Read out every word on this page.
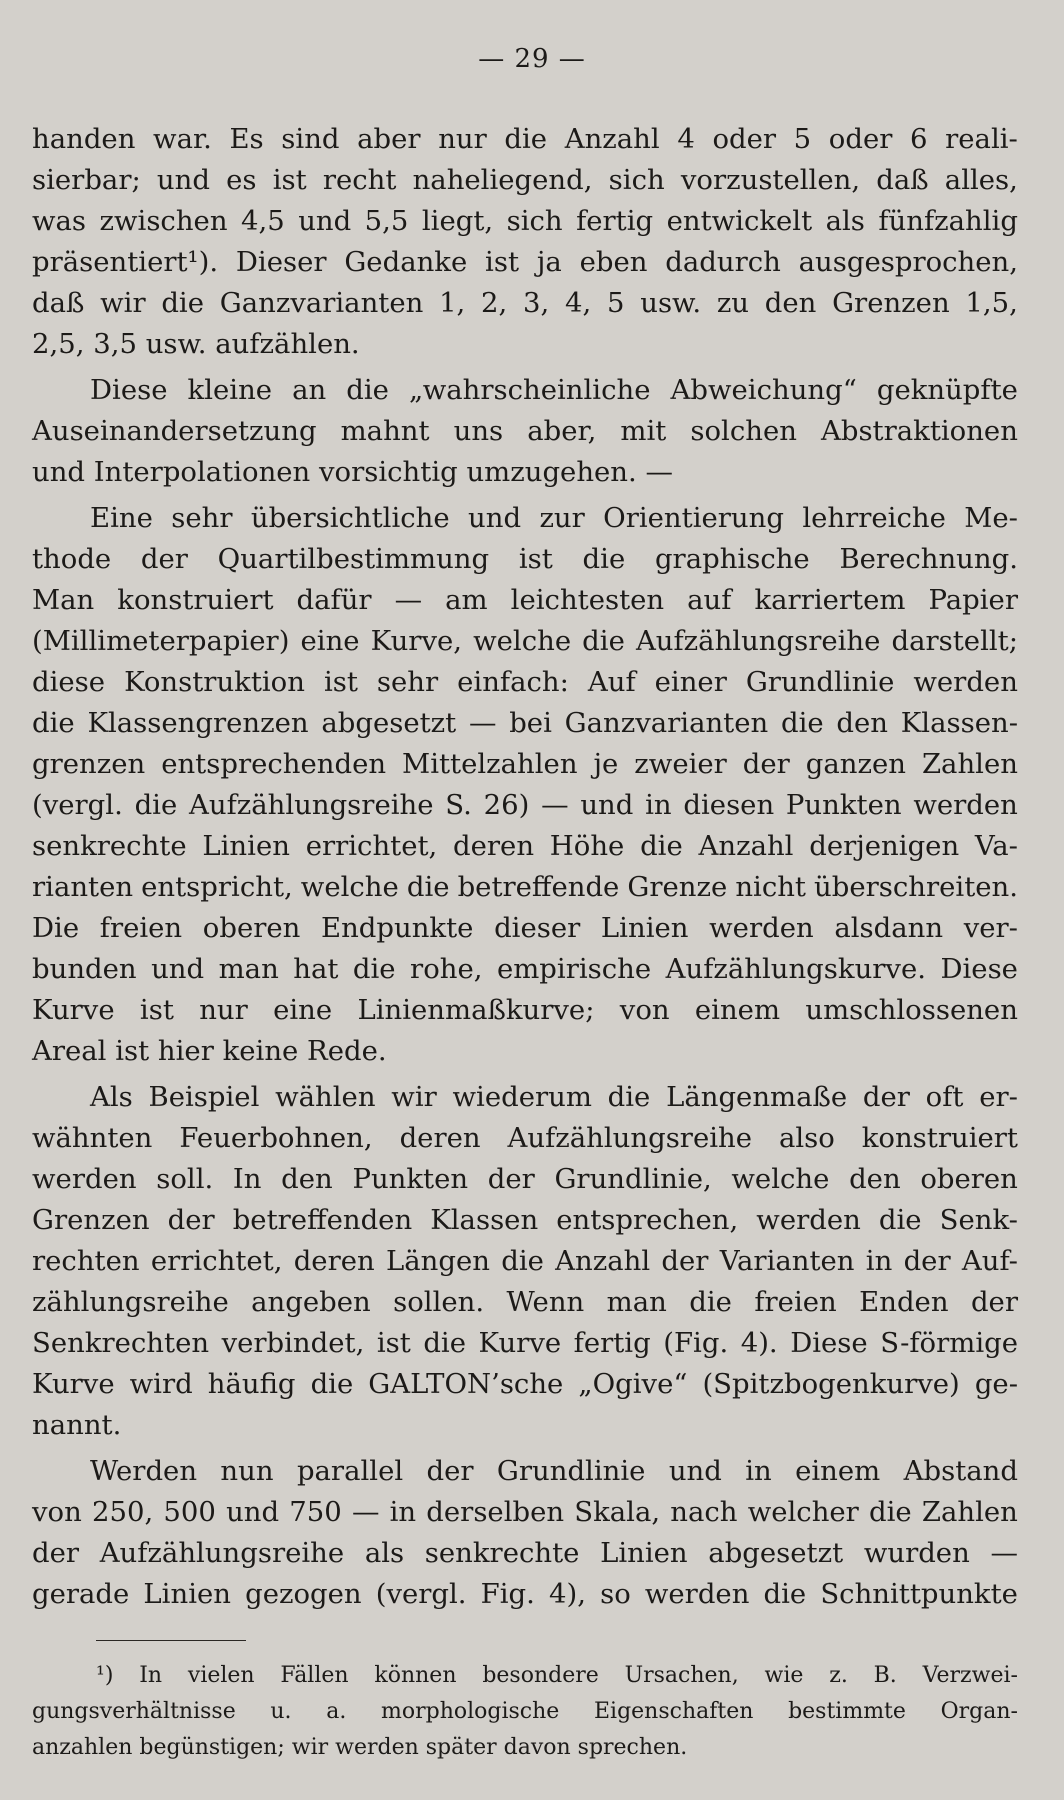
— 29 —
handen war. Es sind aber nur die Anzahl 4 oder 5 oder 6 reali-
sierbar; und es ist recht naheliegend, sich vorzustellen, daß alles,
was zwischen 4,5 und 5,5 liegt, sich fertig entwickelt als fünfzahlig
präsentiert¹). Dieser Gedanke ist ja eben dadurch ausgesprochen,
daß wir die Ganzvarianten 1, 2, 3, 4, 5 usw. zu den Grenzen 1,5,
2,5, 3,5 usw. aufzählen.
Diese kleine an die „wahrscheinliche Abweichung“ geknüpfte
Auseinandersetzung mahnt uns aber, mit solchen Abstraktionen
und Interpolationen vorsichtig umzugehen. —
Eine sehr übersichtliche und zur Orientierung lehrreiche Me-
thode der Quartilbestimmung ist die graphische Berechnung.
Man konstruiert dafür — am leichtesten auf karriertem Papier
(Millimeterpapier) eine Kurve, welche die Aufzählungsreihe darstellt;
diese Konstruktion ist sehr einfach: Auf einer Grundlinie werden
die Klassengrenzen abgesetzt — bei Ganzvarianten die den Klassen-
grenzen entsprechenden Mittelzahlen je zweier der ganzen Zahlen
(vergl. die Aufzählungsreihe S. 26) — und in diesen Punkten werden
senkrechte Linien errichtet, deren Höhe die Anzahl derjenigen Va-
rianten entspricht, welche die betreffende Grenze nicht überschreiten.
Die freien oberen Endpunkte dieser Linien werden alsdann ver-
bunden und man hat die rohe, empirische Aufzählungskurve. Diese
Kurve ist nur eine Linienmaßkurve; von einem umschlossenen
Areal ist hier keine Rede.
Als Beispiel wählen wir wiederum die Längenmaße der oft er-
wähnten Feuerbohnen, deren Aufzählungsreihe also konstruiert
werden soll. In den Punkten der Grundlinie, welche den oberen
Grenzen der betreffenden Klassen entsprechen, werden die Senk-
rechten errichtet, deren Längen die Anzahl der Varianten in der Auf-
zählungsreihe angeben sollen. Wenn man die freien Enden der
Senkrechten verbindet, ist die Kurve fertig (Fig. 4). Diese S-förmige
Kurve wird häufig die GALTON’sche „Ogive“ (Spitzbogenkurve) ge-
nannt.
Werden nun parallel der Grundlinie und in einem Abstand
von 250, 500 und 750 — in derselben Skala, nach welcher die Zahlen
der Aufzählungsreihe als senkrechte Linien abgesetzt wurden —
gerade Linien gezogen (vergl. Fig. 4), so werden die Schnittpunkte
¹) In vielen Fällen können besondere Ursachen, wie z. B. Verzwei-
gungsverhältnisse u. a. morphologische Eigenschaften bestimmte Organ-
anzahlen begünstigen; wir werden später davon sprechen.
